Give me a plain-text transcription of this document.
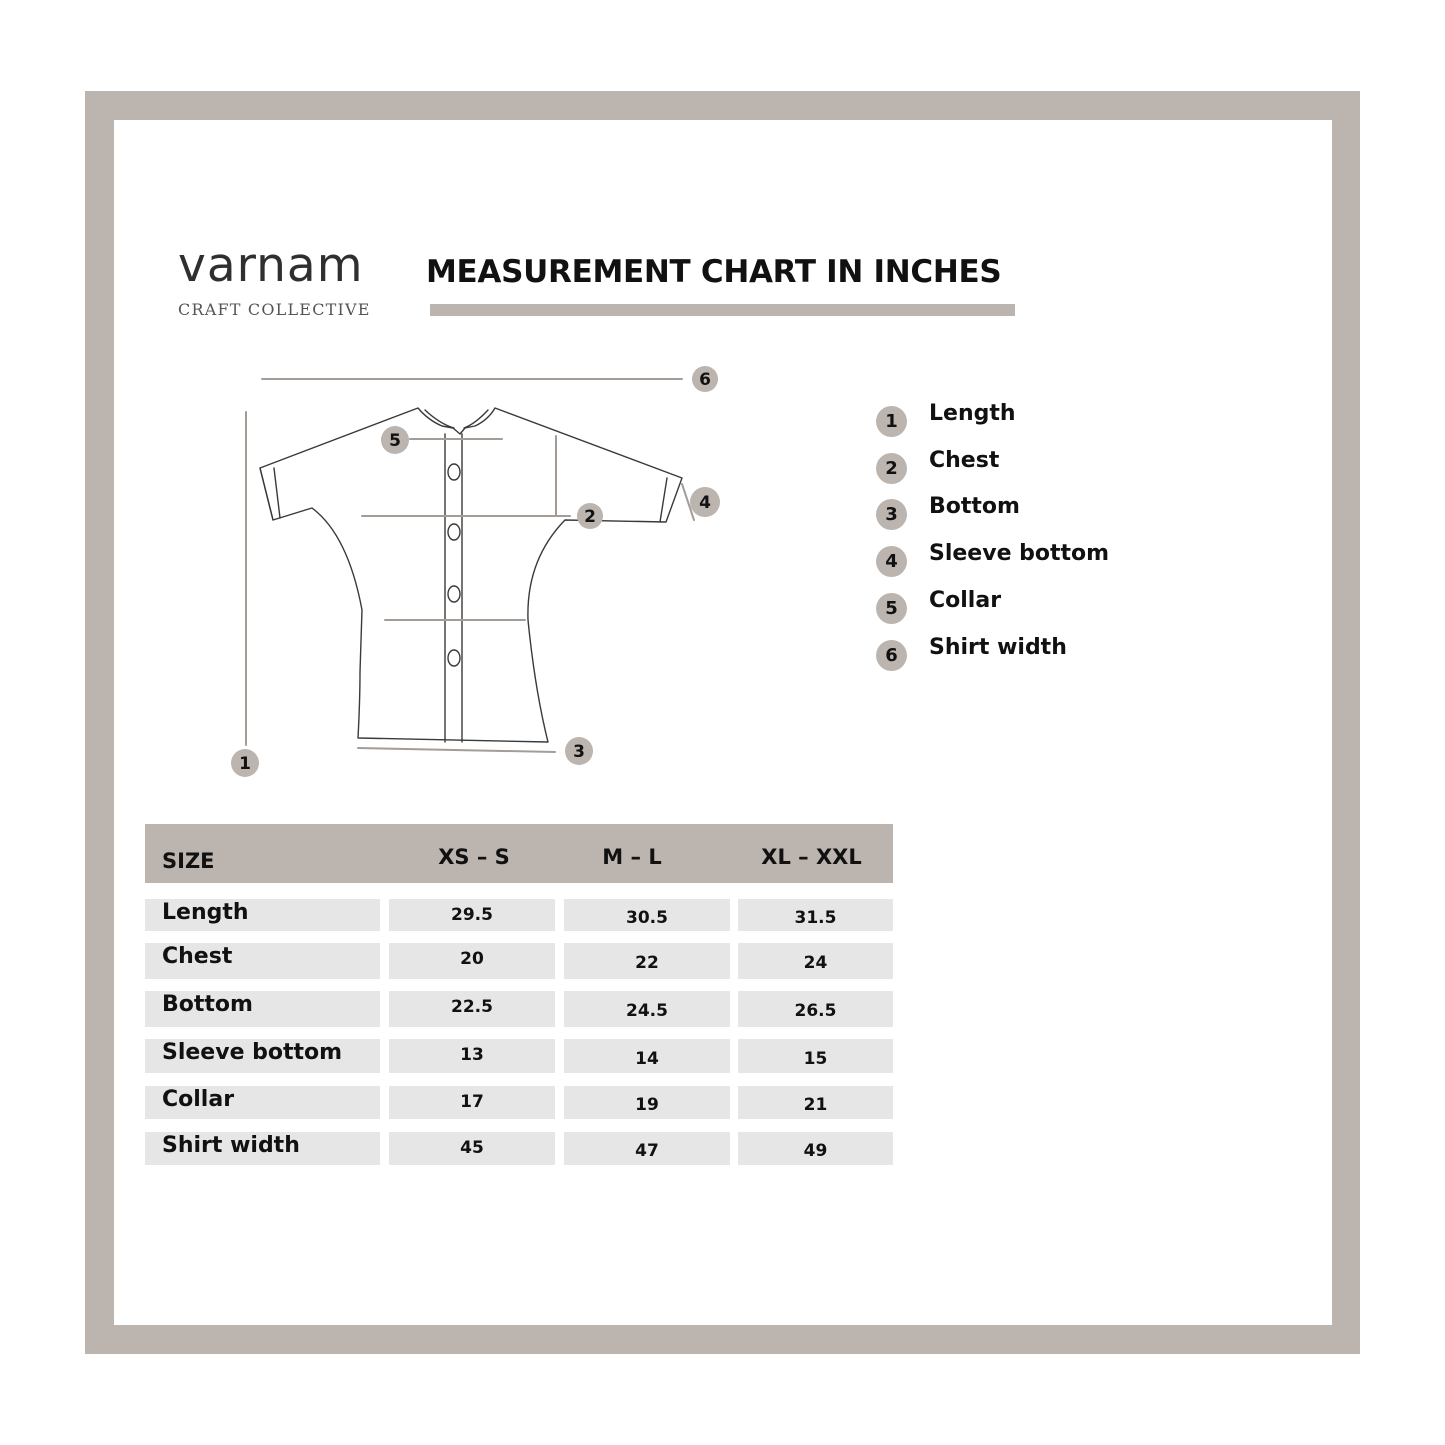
varnam
CRAFT COLLECTIVE
MEASUREMENT CHART IN INCHES
6
5
4
2
3
1
1	Length
2	Chest
3	Bottom
4	Sleeve bottom
5	Collar
6	Shirt width
SIZE	XS – S	M – L	XL – XXL
Length	29.5	30.5	31.5
Chest	20	22	24
Bottom	22.5	24.5	26.5
Sleeve bottom	13	14	15
Collar	17	19	21
Shirt width	45	47	49
